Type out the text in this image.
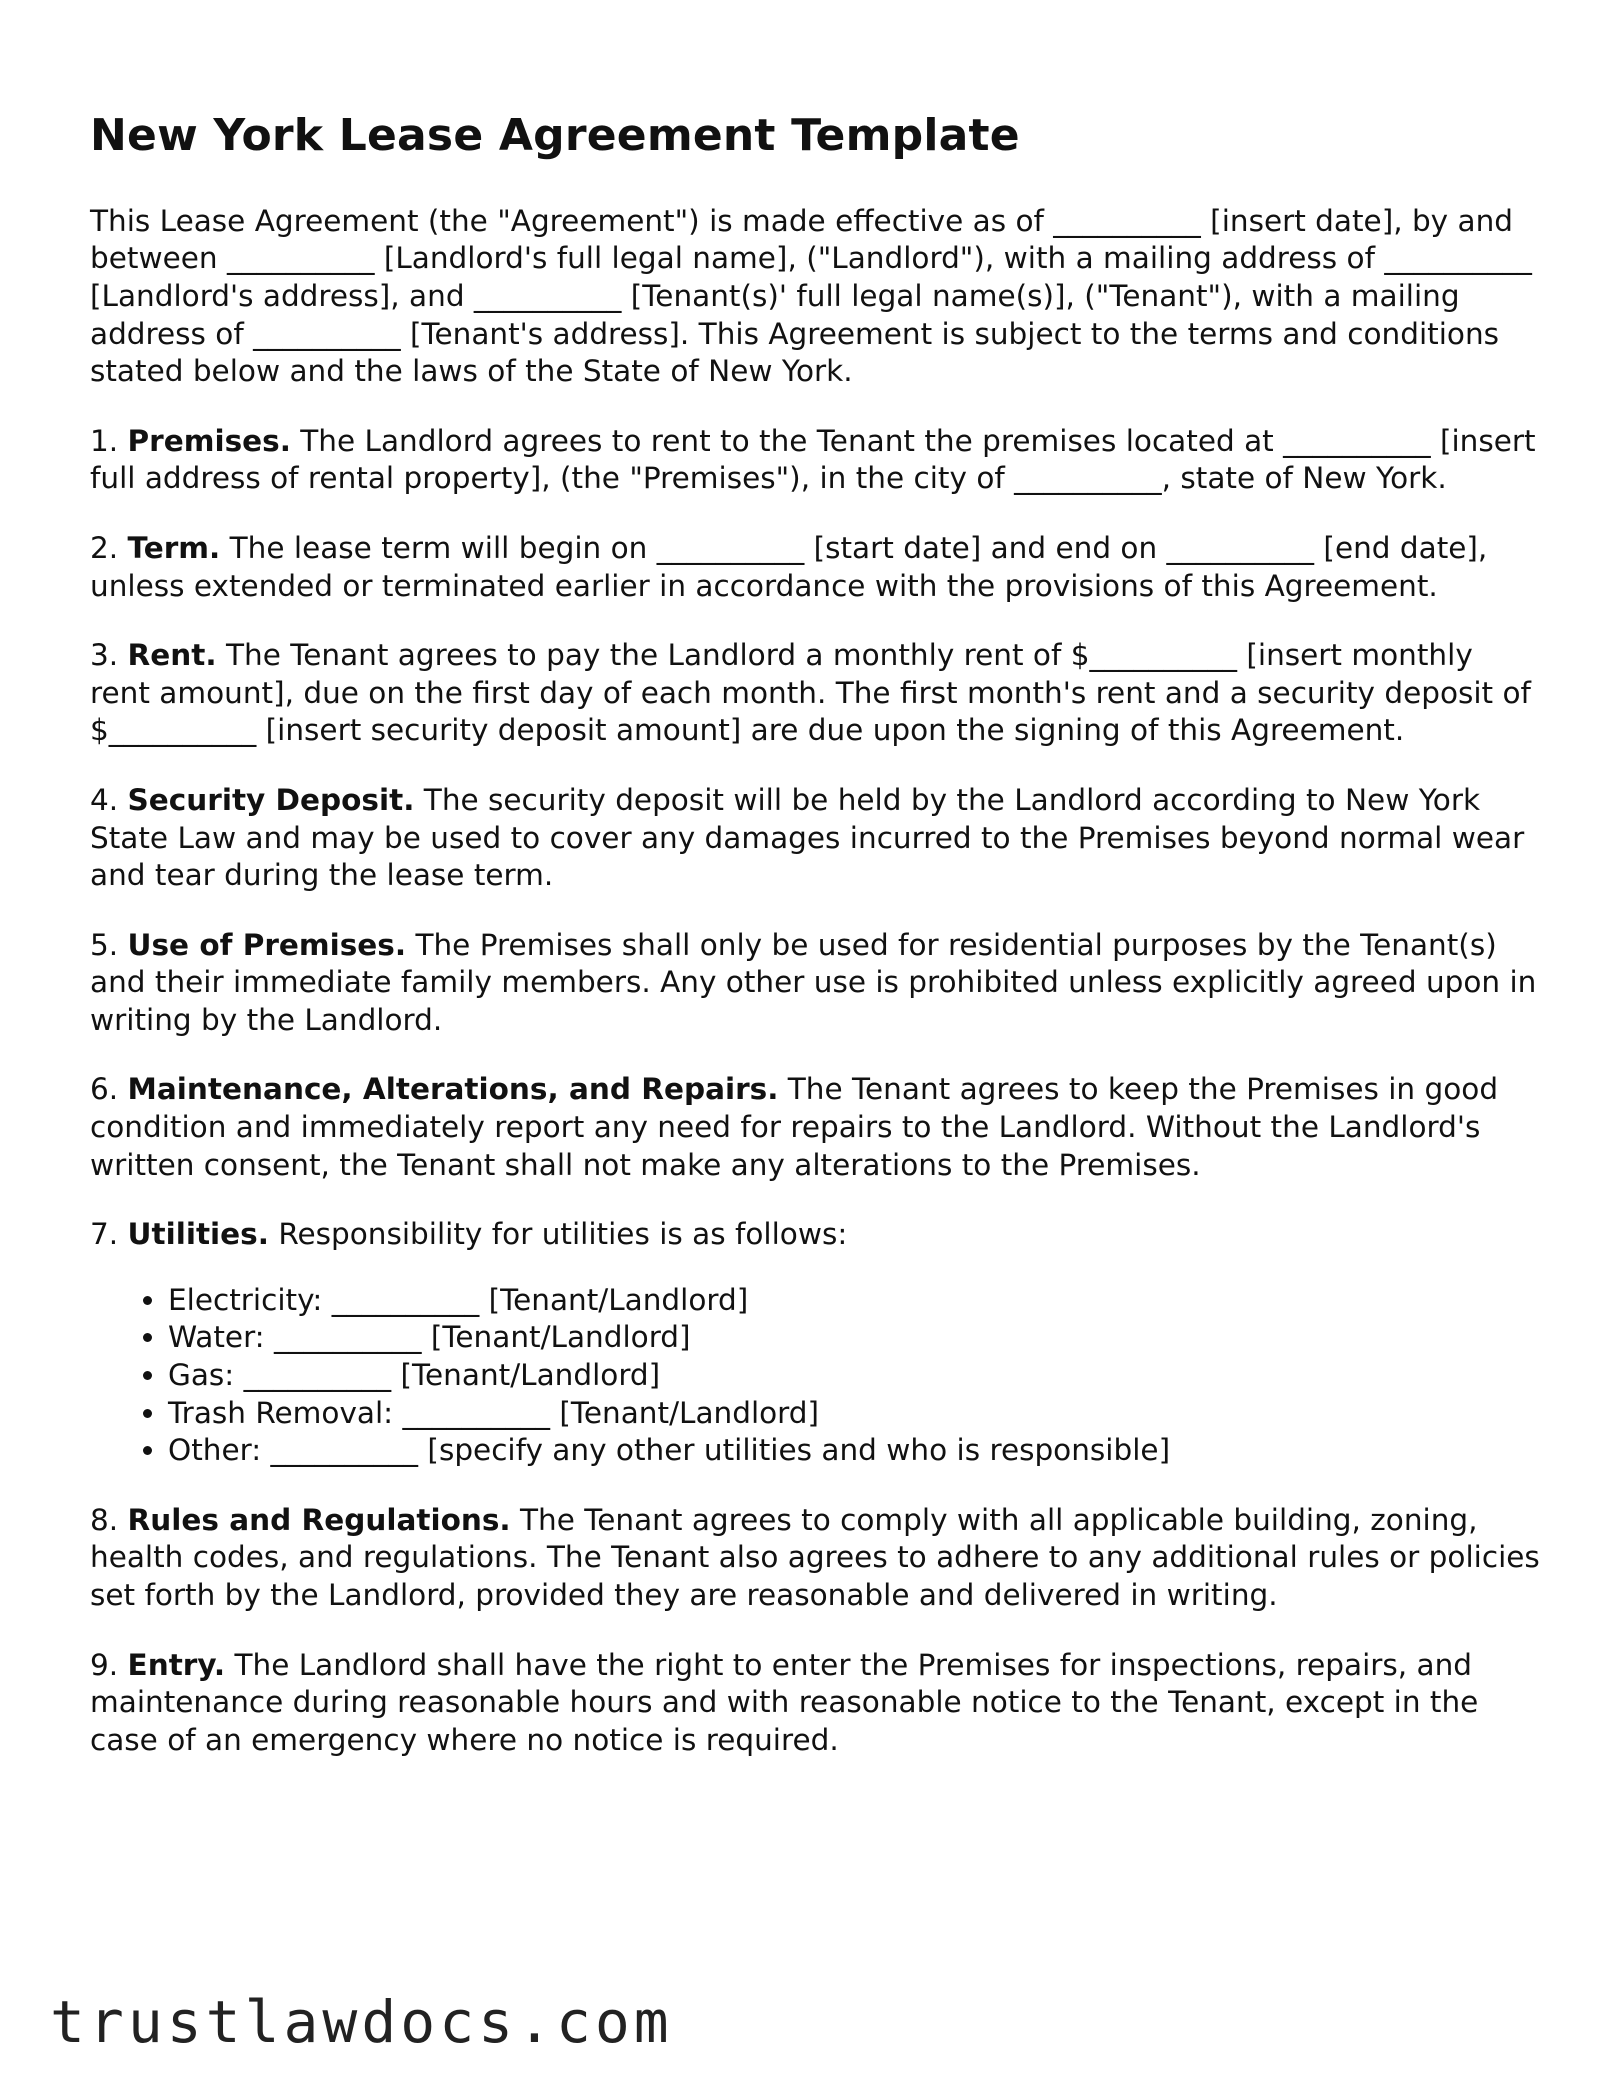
New York Lease Agreement Template

This Lease Agreement (the "Agreement") is made effective as of __________ [insert date], by and between __________ [Landlord's full legal name], ("Landlord"), with a mailing address of __________ [Landlord's address], and __________ [Tenant(s)' full legal name(s)], ("Tenant"), with a mailing address of __________ [Tenant's address]. This Agreement is subject to the terms and conditions stated below and the laws of the State of New York.

1. Premises. The Landlord agrees to rent to the Tenant the premises located at __________ [insert full address of rental property], (the "Premises"), in the city of __________, state of New York.

2. Term. The lease term will begin on __________ [start date] and end on __________ [end date], unless extended or terminated earlier in accordance with the provisions of this Agreement.

3. Rent. The Tenant agrees to pay the Landlord a monthly rent of $__________ [insert monthly rent amount], due on the first day of each month. The first month's rent and a security deposit of $__________ [insert security deposit amount] are due upon the signing of this Agreement.

4. Security Deposit. The security deposit will be held by the Landlord according to New York State Law and may be used to cover any damages incurred to the Premises beyond normal wear and tear during the lease term.

5. Use of Premises. The Premises shall only be used for residential purposes by the Tenant(s) and their immediate family members. Any other use is prohibited unless explicitly agreed upon in writing by the Landlord.

6. Maintenance, Alterations, and Repairs. The Tenant agrees to keep the Premises in good condition and immediately report any need for repairs to the Landlord. Without the Landlord's written consent, the Tenant shall not make any alterations to the Premises.

7. Utilities. Responsibility for utilities is as follows:

• Electricity: __________ [Tenant/Landlord]
• Water: __________ [Tenant/Landlord]
• Gas: __________ [Tenant/Landlord]
• Trash Removal: __________ [Tenant/Landlord]
• Other: __________ [specify any other utilities and who is responsible]

8. Rules and Regulations. The Tenant agrees to comply with all applicable building, zoning, health codes, and regulations. The Tenant also agrees to adhere to any additional rules or policies set forth by the Landlord, provided they are reasonable and delivered in writing.

9. Entry. The Landlord shall have the right to enter the Premises for inspections, repairs, and maintenance during reasonable hours and with reasonable notice to the Tenant, except in the case of an emergency where no notice is required.

trustlawdocs.com
